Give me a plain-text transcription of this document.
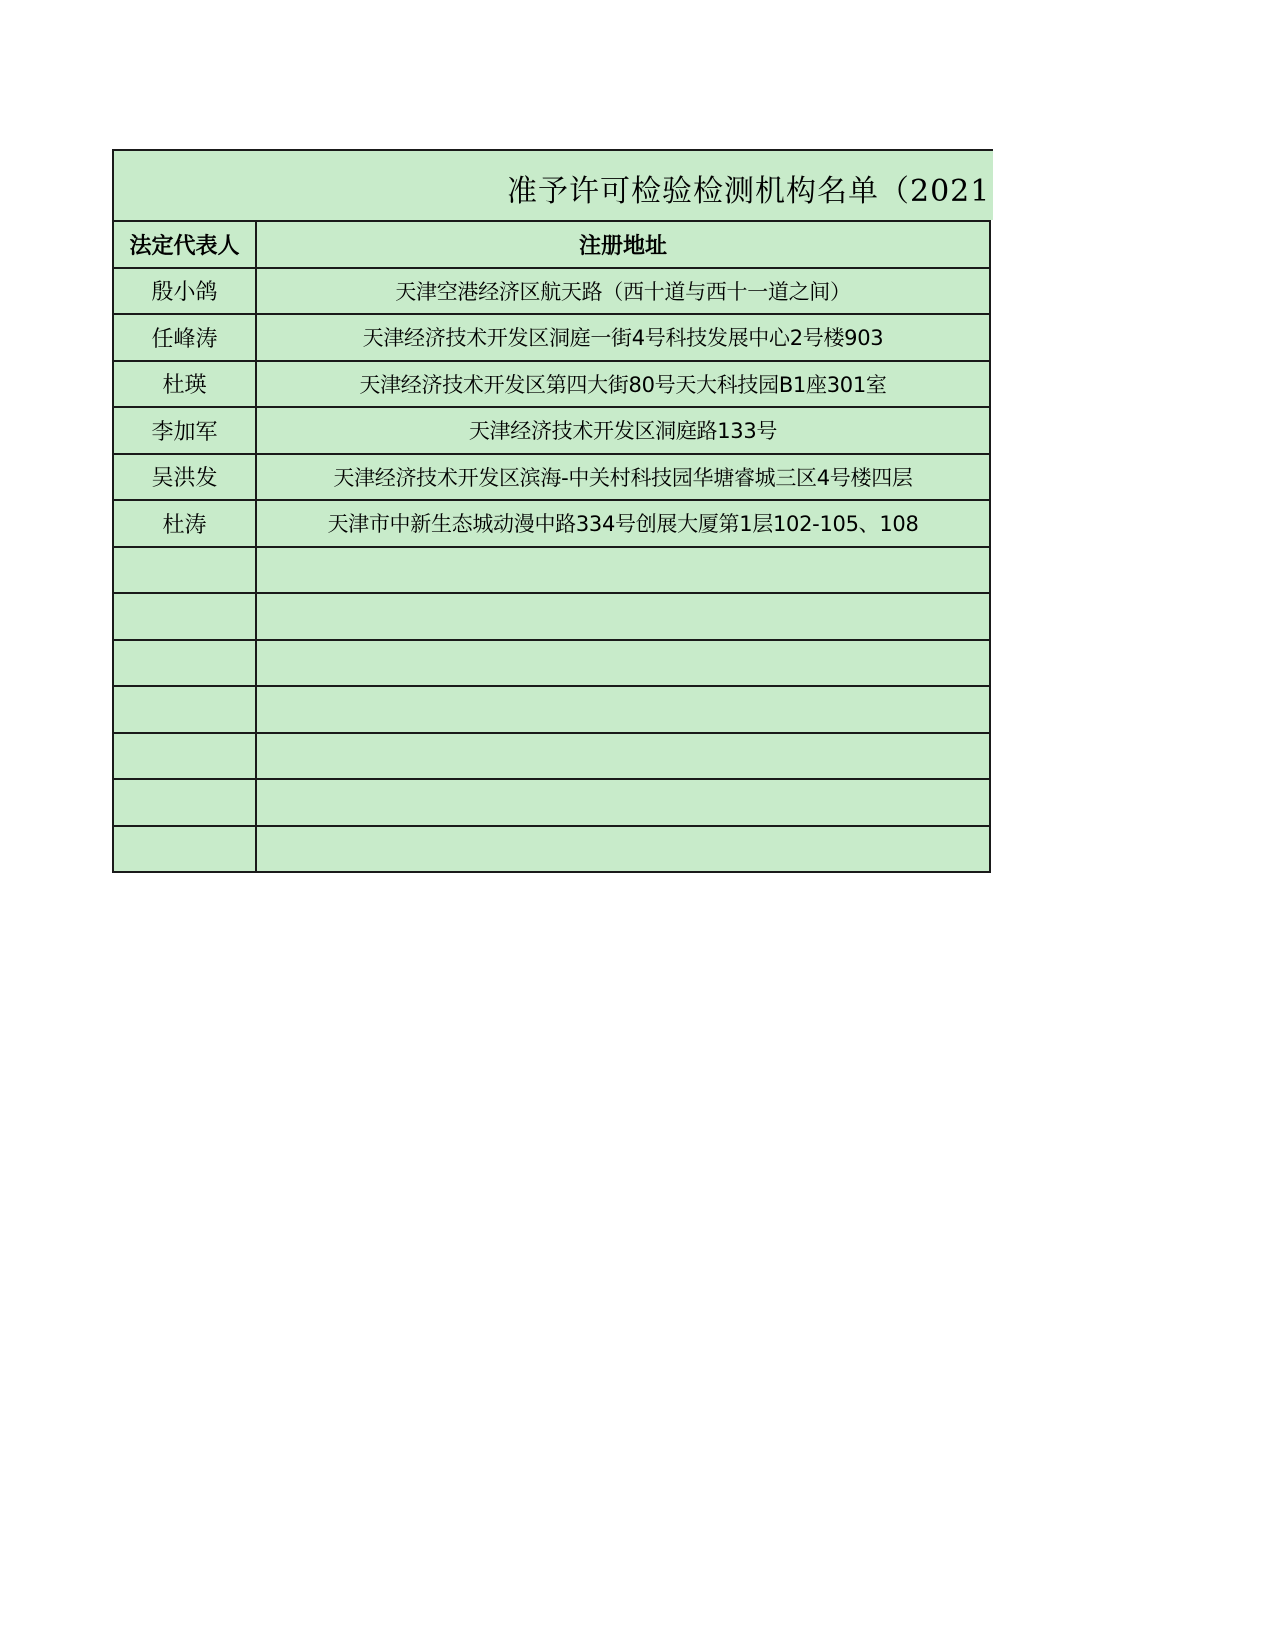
准予许可检验检测机构名单（2021
法定代表人	注册地址
殷小鸽	天津空港经济区航天路（西十道与西十一道之间）
任峰涛	天津经济技术开发区洞庭一街4号科技发展中心2号楼903
杜瑛	天津经济技术开发区第四大街80号天大科技园B1座301室
李加军	天津经济技术开发区洞庭路133号
吴洪发	天津经济技术开发区滨海-中关村科技园华塘睿城三区4号楼四层
杜涛	天津市中新生态城动漫中路334号创展大厦第1层102-105、108
